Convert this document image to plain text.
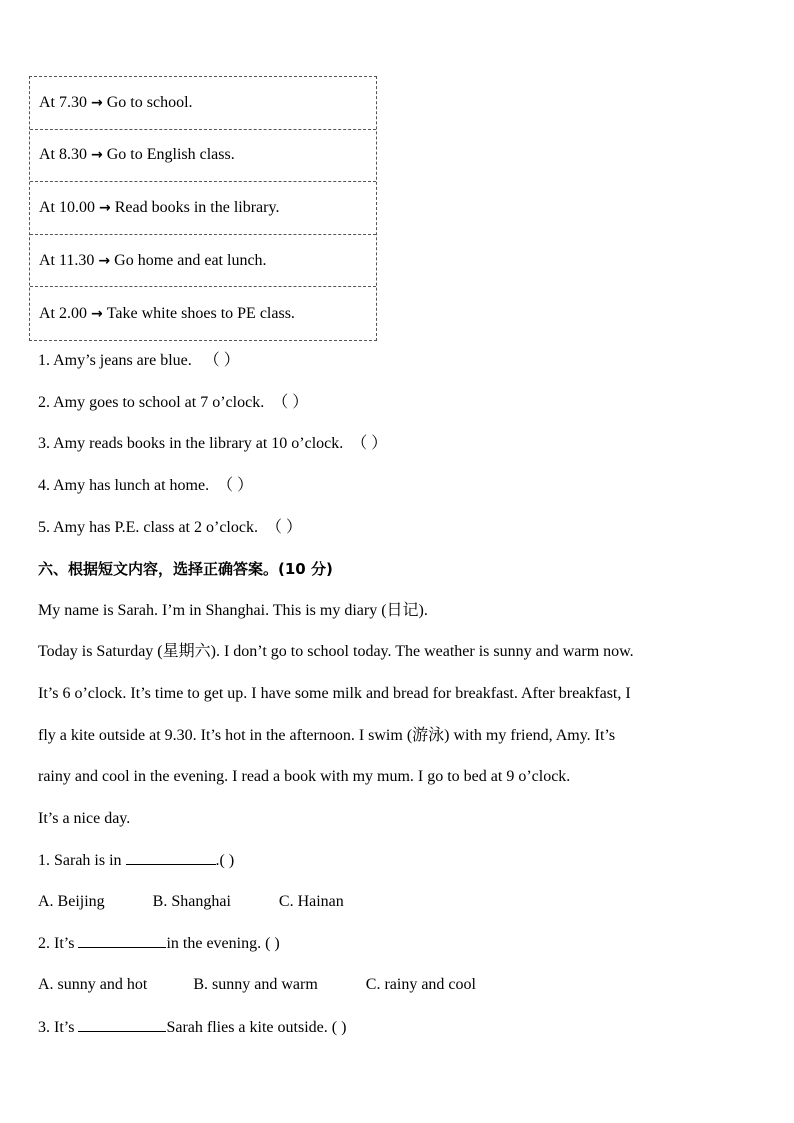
At 7.30 → Go to school.
At 8.30 → Go to English class.
At 10.00 → Read books in the library.
At 11.30 → Go home and eat lunch.
At 2.00 → Take white shoes to PE class.
1. Amy’s jeans are blue. （ ）
2. Amy goes to school at 7 o’clock. （ ）
3. Amy reads books in the library at 10 o’clock. （ ）
4. Amy has lunch at home. （ ）
5. Amy has P.E. class at 2 o’clock. （ ）
六、根据短文内容，选择正确答案。(10 分)
My name is Sarah. I’m in Shanghai. This is my diary (日记).
Today is Saturday (星期六). I don’t go to school today. The weather is sunny and warm now.
It’s 6 o’clock. It’s time to get up. I have some milk and bread for breakfast. After breakfast, I
fly a kite outside at 9.30. It’s hot in the afternoon. I swim (游泳) with my friend, Amy. It’s
rainy and cool in the evening. I read a book with my mum. I go to bed at 9 o’clock.
It’s a nice day.
1. Sarah is in	.( )
A. Beijing	B. Shanghai	C. Hainan
2. It’s	in the evening. ( )
A. sunny and hot	B. sunny and warm	C. rainy and cool
3. It’s	Sarah flies a kite outside. ( )
